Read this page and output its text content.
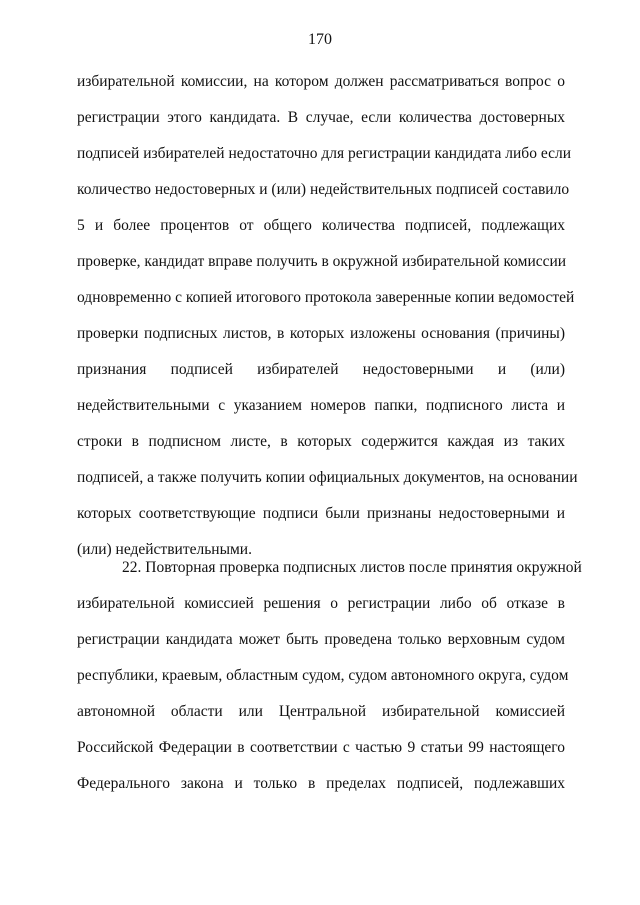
170
избирательной комиссии, на котором должен рассматриваться вопрос о
регистрации этого кандидата. В случае, если количества достоверных
подписей избирателей недостаточно для регистрации кандидата либо если
количество недостоверных и (или) недействительных подписей составило
5 и более процентов от общего количества подписей, подлежащих
проверке, кандидат вправе получить в окружной избирательной комиссии
одновременно с копией итогового протокола заверенные копии ведомостей
проверки подписных листов, в которых изложены основания (причины)
признания подписей избирателей недостоверными и (или)
недействительными с указанием номеров папки, подписного листа и
строки в подписном листе, в которых содержится каждая из таких
подписей, а также получить копии официальных документов, на основании
которых соответствующие подписи были признаны недостоверными и
(или) недействительными.
22. Повторная проверка подписных листов после принятия окружной
избирательной комиссией решения о регистрации либо об отказе в
регистрации кандидата может быть проведена только верховным судом
республики, краевым, областным судом, судом автономного округа, судом
автономной области или Центральной избирательной комиссией
Российской Федерации в соответствии с частью 9 статьи 99 настоящего
Федерального закона и только в пределах подписей, подлежавших
